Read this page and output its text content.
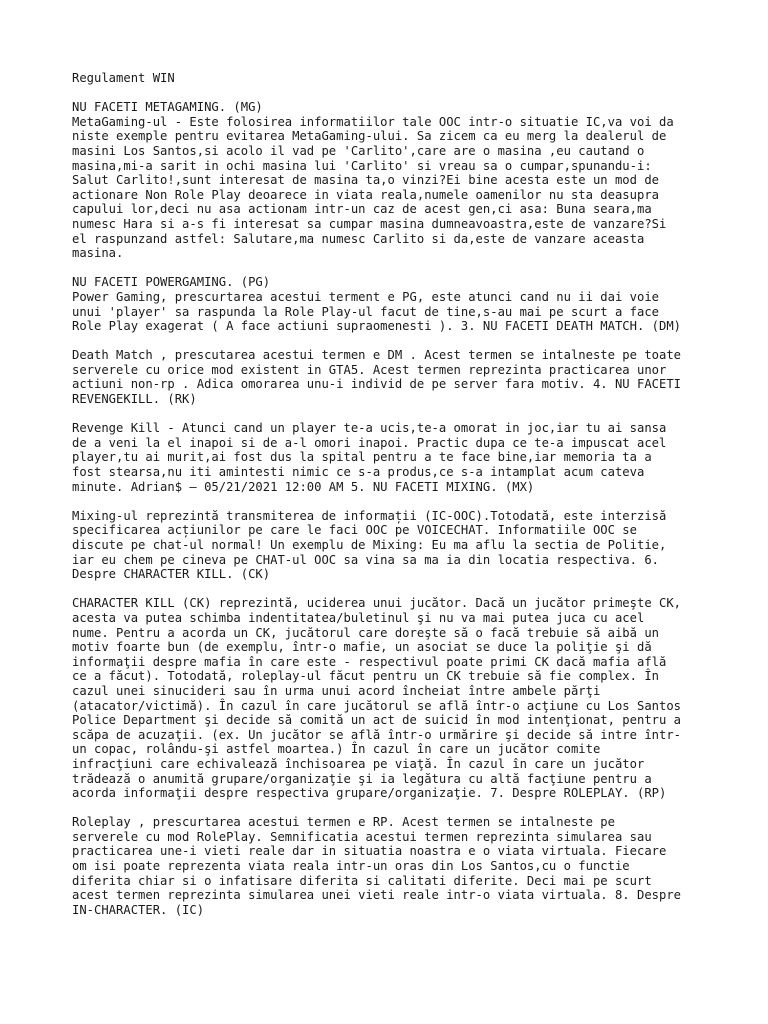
Regulament WIN

NU FACETI METAGAMING. (MG)
MetaGaming-ul - Este folosirea informatiilor tale OOC intr-o situatie IC,va voi da
niste exemple pentru evitarea MetaGaming-ului. Sa zicem ca eu merg la dealerul de
masini Los Santos,si acolo il vad pe 'Carlito',care are o masina ,eu cautand o
masina,mi-a sarit in ochi masina lui 'Carlito' si vreau sa o cumpar,spunandu-i:
Salut Carlito!,sunt interesat de masina ta,o vinzi?Ei bine acesta este un mod de
actionare Non Role Play deoarece in viata reala,numele oamenilor nu sta deasupra
capului lor,deci nu asa actionam intr-un caz de acest gen,ci asa: Buna seara,ma
numesc Hara si a-s fi interesat sa cumpar masina dumneavoastra,este de vanzare?Si
el raspunzand astfel: Salutare,ma numesc Carlito si da,este de vanzare aceasta
masina.

NU FACETI POWERGAMING. (PG)
Power Gaming, prescurtarea acestui terment e PG, este atunci cand nu ii dai voie
unui 'player' sa raspunda la Role Play-ul facut de tine,s-au mai pe scurt a face
Role Play exagerat ( A face actiuni supraomenesti ). 3. NU FACETI DEATH MATCH. (DM)

Death Match , prescutarea acestui termen e DM . Acest termen se intalneste pe toate
serverele cu orice mod existent in GTA5. Acest termen reprezinta practicarea unor
actiuni non-rp . Adica omorarea unu-i individ de pe server fara motiv. 4. NU FACETI
REVENGEKILL. (RK)

Revenge Kill - Atunci cand un player te-a ucis,te-a omorat in joc,iar tu ai sansa
de a veni la el inapoi si de a-l omori inapoi. Practic dupa ce te-a impuscat acel
player,tu ai murit,ai fost dus la spital pentru a te face bine,iar memoria ta a
fost stearsa,nu iti amintesti nimic ce s-a produs,ce s-a intamplat acum cateva
minute. Adrian$ — 05/21/2021 12:00 AM 5. NU FACETI MIXING. (MX)

Mixing-ul reprezintă transmiterea de informații (IC-OOC).Totodată, este interzisă
specificarea acțiunilor pe care le faci OOC pe VOICECHAT. Informatiile OOC se
discute pe chat-ul normal! Un exemplu de Mixing: Eu ma aflu la sectia de Politie,
iar eu chem pe cineva pe CHAT-ul OOC sa vina sa ma ia din locatia respectiva. 6.
Despre CHARACTER KILL. (CK)

CHARACTER KILL (CK) reprezintă, uciderea unui jucător. Dacă un jucător primeşte CK,
acesta va putea schimba indentitatea/buletinul şi nu va mai putea juca cu acel
nume. Pentru a acorda un CK, jucătorul care doreşte să o facă trebuie să aibă un
motiv foarte bun (de exemplu, într-o mafie, un asociat se duce la poliţie şi dă
informaţii despre mafia în care este - respectivul poate primi CK dacă mafia află
ce a făcut). Totodată, roleplay-ul făcut pentru un CK trebuie să fie complex. În
cazul unei sinucideri sau în urma unui acord încheiat între ambele părţi
(atacator/victimă). În cazul în care jucătorul se află într-o acţiune cu Los Santos
Police Department şi decide să comită un act de suicid în mod intenţionat, pentru a
scăpa de acuzaţii. (ex. Un jucător se află într-o urmărire şi decide să intre într-
un copac, rolându-şi astfel moartea.) În cazul în care un jucător comite
infracţiuni care echivalează închisoarea pe viaţă. În cazul în care un jucător
trădează o anumită grupare/organizaţie şi ia legătura cu altă facţiune pentru a
acorda informaţii despre respectiva grupare/organizaţie. 7. Despre ROLEPLAY. (RP)

Roleplay , prescurtarea acestui termen e RP. Acest termen se intalneste pe
serverele cu mod RolePlay. Semnificatia acestui termen reprezinta simularea sau
practicarea une-i vieti reale dar in situatia noastra e o viata virtuala. Fiecare
om isi poate reprezenta viata reala intr-un oras din Los Santos,cu o functie
diferita chiar si o infatisare diferita si calitati diferite. Deci mai pe scurt
acest termen reprezinta simularea unei vieti reale intr-o viata virtuala. 8. Despre
IN-CHARACTER. (IC)
